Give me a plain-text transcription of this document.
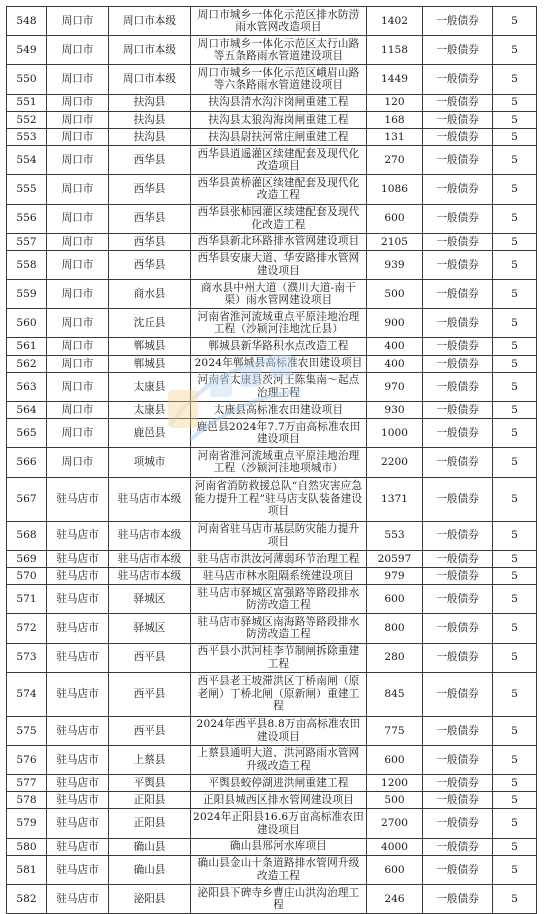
548	周口市	周口市本级	周口市城乡一体化示范区排水防涝雨水管网改造项目	1402	一般债券	5
549	周口市	周口市本级	周口市城乡一体化示范区太行山路等五条路雨水管道建设项目	1158	一般债券	5
550	周口市	周口市本级	周口市城乡一体化示范区峨眉山路等六条路雨水管道建设项目	1449	一般债券	5
551	周口市	扶沟县	扶沟县清水沟汴岗闸重建工程	120	一般债券	5
552	周口市	扶沟县	扶沟县太狼沟海岗闸重建工程	168	一般债券	5
553	周口市	扶沟县	扶沟县尉扶河常庄闸重建工程	131	一般债券	5
554	周口市	西华县	西华县逍遥灌区续建配套及现代化改造项目	270	一般债券	5
555	周口市	西华县	西华县黄桥灌区续建配套及现代化改造工程	1086	一般债券	5
556	周口市	西华县	西华县张柿园灌区续建配套及现代化改造工程	600	一般债券	5
557	周口市	西华县	西华县新北环路排水管网建设项目	2105	一般债券	5
558	周口市	西华县	西华县安康大道、华安路排水管网建设项目	939	一般债券	5
559	周口市	商水县	商水县中州大道（濮川大道-南干渠）雨水管网建设项目	500	一般债券	5
560	周口市	沈丘县	河南省淮河流域重点平原洼地治理工程（沙颍河洼地沈丘县）	900	一般债券	5
561	周口市	郸城县	郸城县新华路积水点改造工程	400	一般债券	5
562	周口市	郸城县	2024年郸城县高标准农田建设项目	400	一般债券	5
563	周口市	太康县	河南省太康县茨河王陈集南～起点治理工程	970	一般债券	5
564	周口市	太康县	太康县高标准农田建设项目	930	一般债券	5
565	周口市	鹿邑县	鹿邑县2024年7.7万亩高标准农田建设项目	1000	一般债券	5
566	周口市	项城市	河南省淮河流域重点平原洼地治理工程（沙颍河洼地项城市）	2200	一般债券	5
567	驻马店市	驻马店市本级	河南省消防救援总队“自然灾害应急能力提升工程”驻马店支队装备建设项目	1371	一般债券	5
568	驻马店市	驻马店市本级	河南省驻马店市基层防灾能力提升项目	553	一般债券	5
569	驻马店市	驻马店市本级	驻马店市洪汝河薄弱环节治理工程	20597	一般债券	5
570	驻马店市	驻马店市本级	驻马店市林水阻隔系统建设项目	979	一般债券	5
571	驻马店市	驿城区	驻马店市驿城区富强路等路段排水防涝改造工程	600	一般债券	5
572	驻马店市	驿城区	驻马店市驿城区南海路等路段排水防涝改造工程	800	一般债券	5
573	驻马店市	西平县	西平县小洪河桂李节制闸拆除重建工程	280	一般债券	5
574	驻马店市	西平县	西平县老王坡滞洪区丁桥南闸（原老闸）丁桥北闸（原新闸）重建工程	845	一般债券	5
575	驻马店市	西平县	2024年西平县8.8万亩高标准农田建设项目	775	一般债券	5
576	驻马店市	上蔡县	上蔡县通明大道、洪河路雨水管网升级改造工程	600	一般债券	5
577	驻马店市	平舆县	平舆县蛟停湖进洪闸重建工程	1200	一般债券	5
578	驻马店市	正阳县	正阳县城西区排水管网建设项目	500	一般债券	5
579	驻马店市	正阳县	2024年正阳县16.6万亩高标准农田建设项目	2700	一般债券	5
580	驻马店市	确山县	确山县邢河水库项目	4000	一般债券	5
581	驻马店市	确山县	确山县金山十条道路排水管网升级改造工程	600	一般债券	5
582	驻马店市	泌阳县	泌阳县下碑寺乡曹庄山洪沟治理工程	246	一般债券	5
